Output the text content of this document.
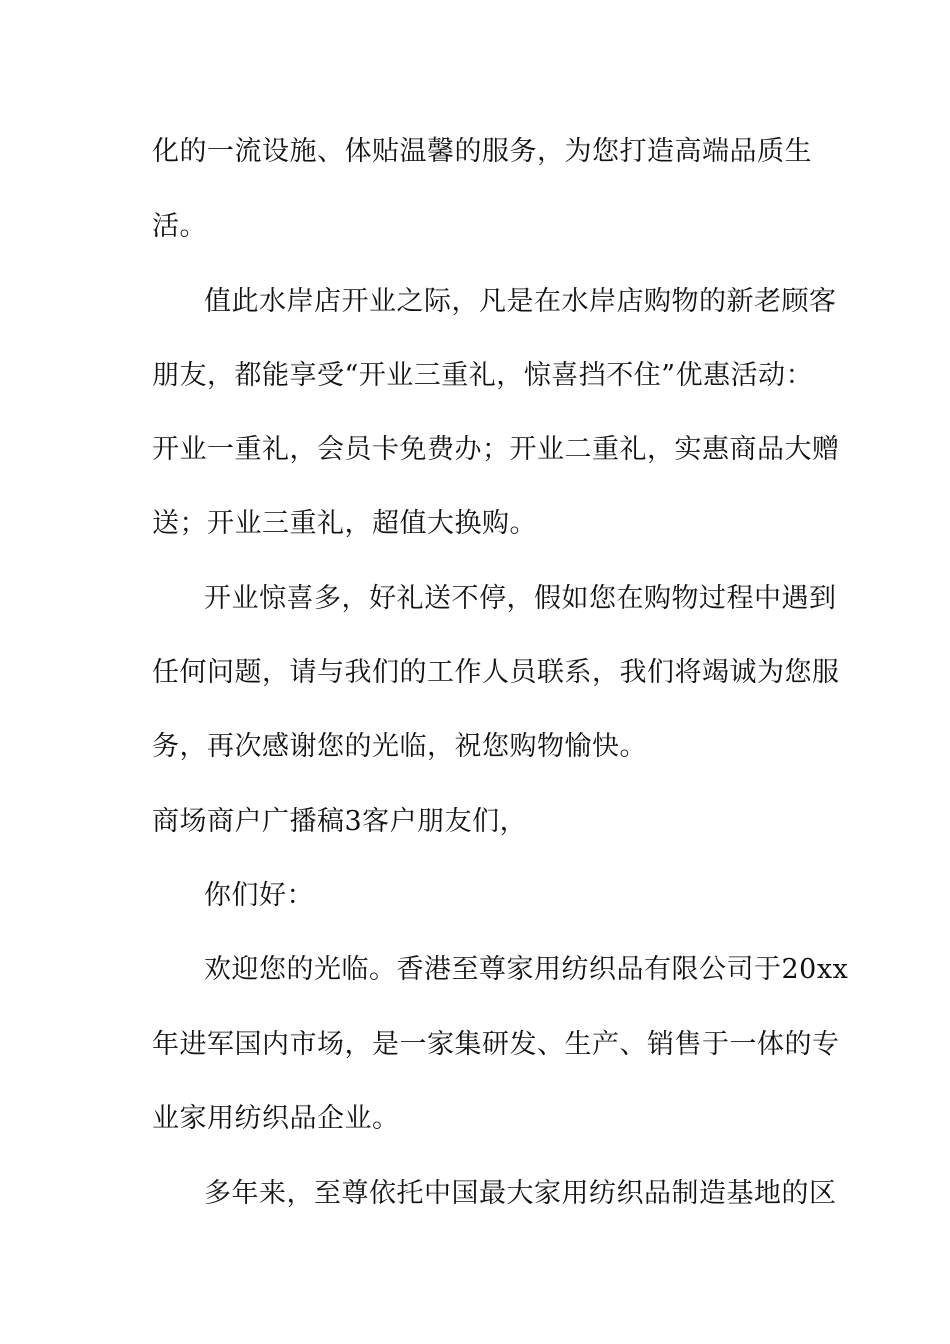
化的一流设施、体贴温馨的服务，为您打造高端品质生
活。
值此水岸店开业之际，凡是在水岸店购物的新老顾客
朋友，都能享受“开业三重礼，惊喜挡不住”优惠活动：
开业一重礼，会员卡免费办；开业二重礼，实惠商品大赠
送；开业三重礼，超值大换购。
开业惊喜多，好礼送不停，假如您在购物过程中遇到
任何问题，请与我们的工作人员联系，我们将竭诚为您服
务，再次感谢您的光临，祝您购物愉快。
商场商户广播稿3客户朋友们，
你们好：
欢迎您的光临。香港至尊家用纺织品有限公司于20xx
年进军国内市场，是一家集研发、生产、销售于一体的专
业家用纺织品企业。
多年来，至尊依托中国最大家用纺织品制造基地的区
